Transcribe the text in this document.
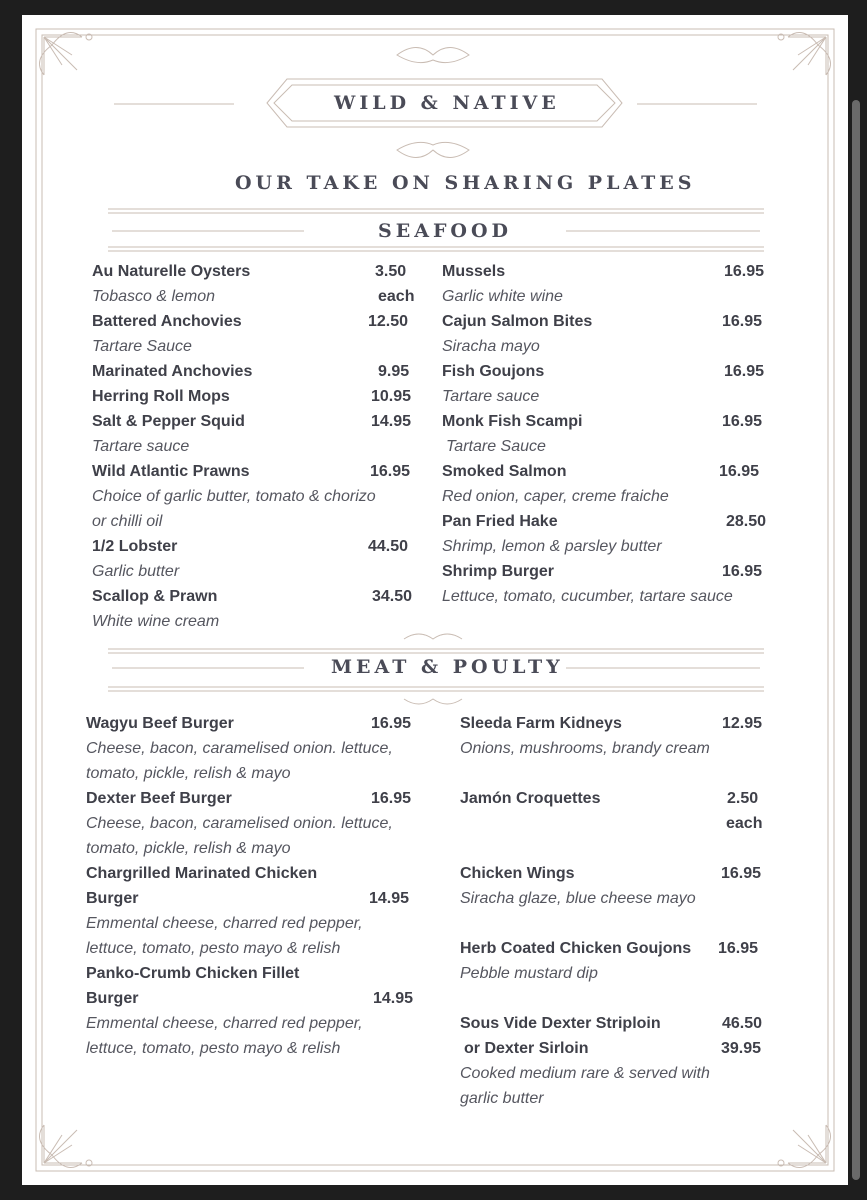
WILD & NATIVE
OUR TAKE ON SHARING PLATES
SEAFOOD
MEAT & POULTY
Au Naturelle Oysters	3.50
Tobasco & lemon	each
Battered Anchovies	12.50
Tartare Sauce
Marinated Anchovies	9.95
Herring Roll Mops	10.95
Salt & Pepper Squid	14.95
Tartare sauce
Wild Atlantic Prawns	16.95
Choice of garlic butter, tomato & chorizo
or chilli oil
1/2 Lobster	44.50
Garlic butter
Scallop & Prawn	34.50
White wine cream
Mussels	16.95
Garlic white wine
Cajun Salmon Bites	16.95
Siracha mayo
Fish Goujons	16.95
Tartare sauce
Monk Fish Scampi	16.95
Tartare Sauce
Smoked Salmon	16.95
Red onion, caper, creme fraiche
Pan Fried Hake	28.50
Shrimp, lemon & parsley butter
Shrimp Burger	16.95
Lettuce, tomato, cucumber, tartare sauce
Wagyu Beef Burger	16.95
Cheese, bacon, caramelised onion. lettuce,
tomato, pickle, relish & mayo
Dexter Beef Burger	16.95
Cheese, bacon, caramelised onion. lettuce,
tomato, pickle, relish & mayo
Chargrilled Marinated Chicken
Burger	14.95
Emmental cheese, charred red pepper,
lettuce, tomato, pesto mayo & relish
Panko-Crumb Chicken Fillet
Burger	14.95
Emmental cheese, charred red pepper,
lettuce, tomato, pesto mayo & relish
Sleeda Farm Kidneys	12.95
Onions, mushrooms, brandy cream
Jamón Croquettes	2.50
each
Chicken Wings	16.95
Siracha glaze, blue cheese mayo
Herb Coated Chicken Goujons 16.95
Pebble mustard dip
Sous Vide Dexter Striploin	46.50
or Dexter Sirloin	39.95
Cooked medium rare & served with
garlic butter
